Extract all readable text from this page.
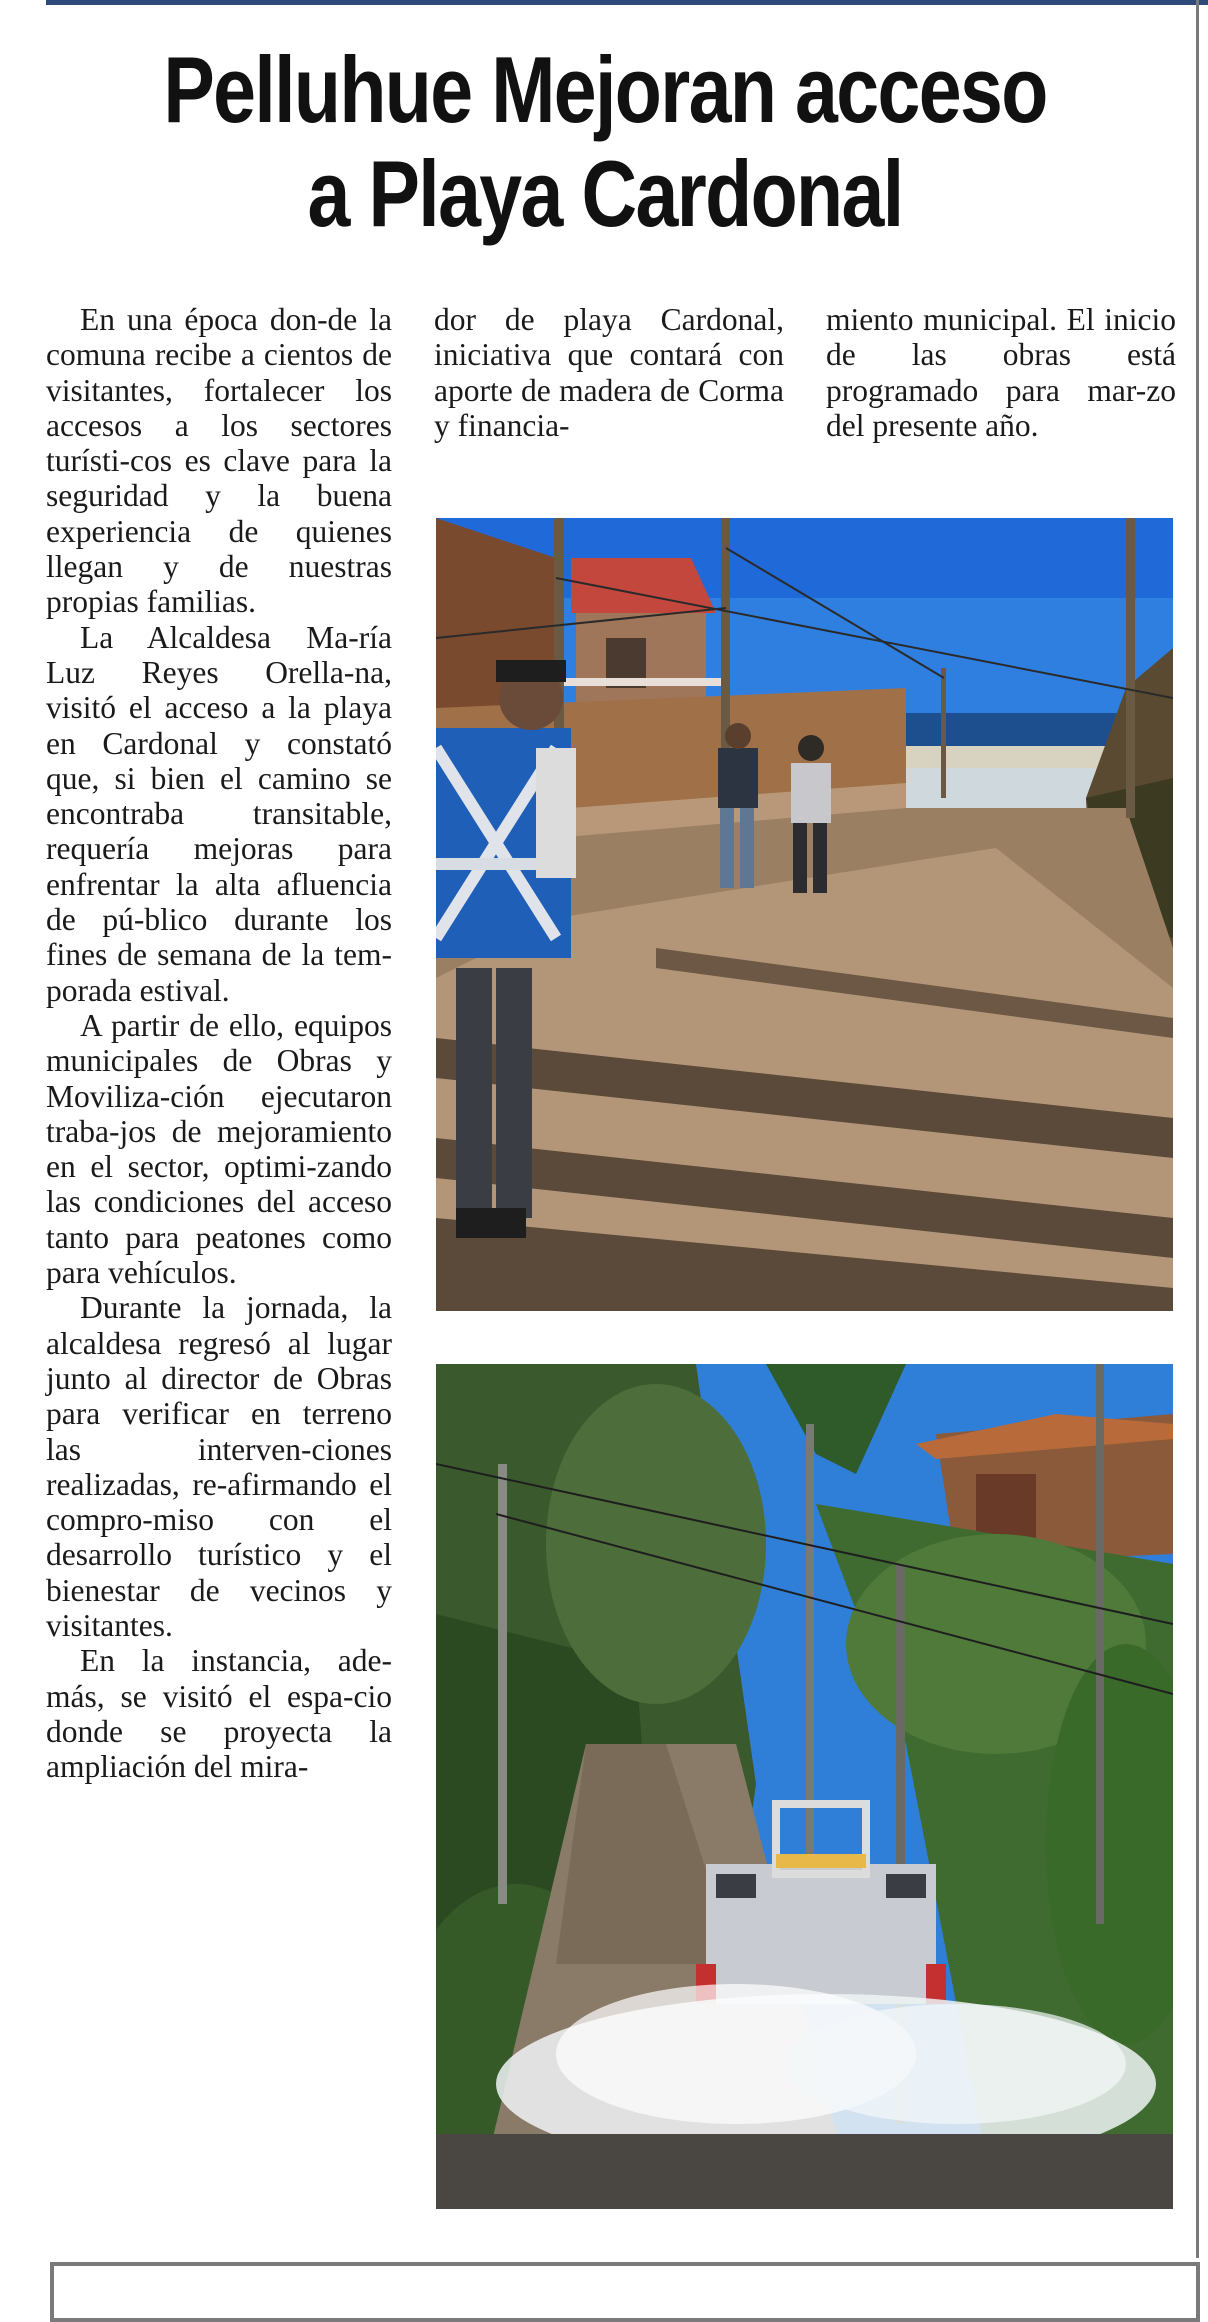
Pelluhue Mejoran acceso
a Playa Cardonal

En una época don-de la comuna recibe a cientos de visitantes, fortalecer los accesos a los sectores turísti-cos es clave para la seguridad y la buena experiencia de quienes llegan y de nuestras propias familias.

La Alcaldesa Ma-ría Luz Reyes Orella-na, visitó el acceso a la playa en Cardonal y constató que, si bien el camino se encontraba transitable, requería mejoras para enfrentar la alta afluencia de pú-blico durante los fines de semana de la tem-porada estival.

A partir de ello, equipos municipales de Obras y Moviliza-ción ejecutaron traba-jos de mejoramiento en el sector, optimi-zando las condiciones del acceso tanto para peatones como para vehículos.

Durante la jornada, la alcaldesa regresó al lugar junto al director de Obras para verificar en terreno las interven-ciones realizadas, re-afirmando el compro-miso con el desarrollo turístico y el bienestar de vecinos y visitantes.

En la instancia, ade-más, se visitó el espa-cio donde se proyecta la ampliación del mira-

dor de playa Cardonal, iniciativa que contará con aporte de madera de Corma y financia-

miento municipal. El inicio de las obras está programado para mar-zo del presente año.
